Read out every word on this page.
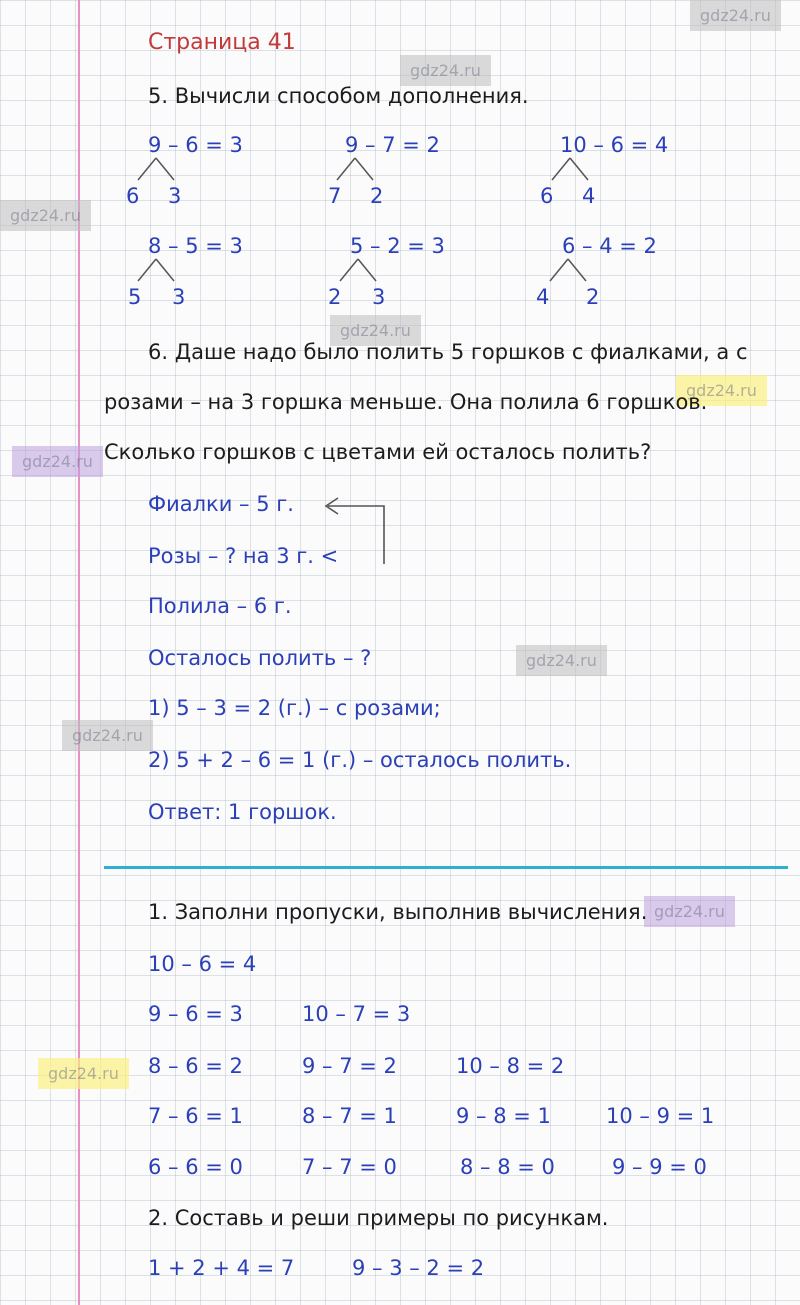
gdz24.ru
gdz24.ru
gdz24.ru
gdz24.ru
gdz24.ru
gdz24.ru
gdz24.ru
gdz24.ru
gdz24.ru
gdz24.ru
Страница 41
5. Вычисли способом дополнения.
9 – 6 = 3
6 3
9 – 7 = 2
7 2
10 – 6 = 4
6 4
8 – 5 = 3
5 3
5 – 2 = 3
2 3
6 – 4 = 2
4 2
6. Даше надо было полить 5 горшков с фиалками, а с
розами – на 3 горшка меньше. Она полила 6 горшков.
Сколько горшков с цветами ей осталось полить?
Фиалки – 5 г.
Розы – ? на 3 г. <
Полила – 6 г.
Осталось полить – ?
1) 5 – 3 = 2 (г.) – с розами;
2) 5 + 2 – 6 = 1 (г.) – осталось полить.
Ответ: 1 горшок.
1. Заполни пропуски, выполнив вычисления.
10 – 6 = 4
9 – 6 = 3	10 – 7 = 3
8 – 6 = 2	9 – 7 = 2	10 – 8 = 2
7 – 6 = 1	8 – 7 = 1	9 – 8 = 1	10 – 9 = 1
6 – 6 = 0	7 – 7 = 0	8 – 8 = 0	9 – 9 = 0
2. Составь и реши примеры по рисункам.
1 + 2 + 4 = 7	9 – 3 – 2 = 2
